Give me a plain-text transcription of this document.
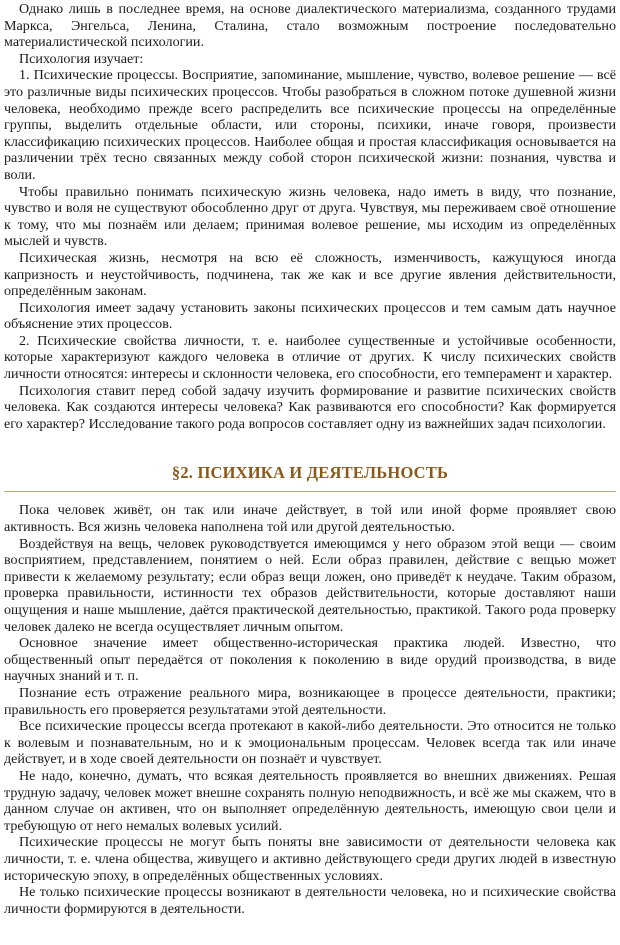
Однако лишь в последнее время, на основе диалектического материализма, созданного трудами Маркса, Энгельса, Ленина, Сталина, стало возможным построение последовательно материалистической психологии.

Психология изучает:

1. Психические процессы. Восприятие, запоминание, мышление, чувство, волевое решение — всё это различные виды психических процессов. Чтобы разобраться в сложном потоке душевной жизни человека, необходимо прежде всего распределить все психические процессы на определённые группы, выделить отдельные области, или стороны, психики, иначе говоря, произвести классификацию психических процессов. Наиболее общая и простая классификация основывается на различении трёх тесно связанных между собой сторон психической жизни: познания, чувства и воли.

Чтобы правильно понимать психическую жизнь человека, надо иметь в виду, что познание, чувство и воля не существуют обособленно друг от друга. Чувствуя, мы переживаем своё отношение к тому, что мы познаём или делаем; принимая волевое решение, мы исходим из определённых мыслей и чувств.

Психическая жизнь, несмотря на всю её сложность, изменчивость, кажущуюся иногда капризность и неустойчивость, подчинена, так же как и все другие явления действительности, определённым законам.

Психология имеет задачу установить законы психических процессов и тем самым дать научное объяснение этих процессов.

2. Психические свойства личности, т. е. наиболее существенные и устойчивые особенности, которые характеризуют каждого человека в отличие от других. К числу психических свойств личности относятся: интересы и склонности человека, его способности, его темперамент и характер.

Психология ставит перед собой задачу изучить формирование и развитие психических свойств человека. Как создаются интересы человека? Как развиваются его способности? Как формируется его характер? Исследование такого рода вопросов составляет одну из важнейших задач психологии.

§2. ПСИХИКА И ДЕЯТЕЛЬНОСТЬ

Пока человек живёт, он так или иначе действует, в той или иной форме проявляет свою активность. Вся жизнь человека наполнена той или другой деятельностью.

Воздействуя на вещь, человек руководствуется имеющимся у него образом этой вещи — своим восприятием, представлением, понятием о ней. Если образ правилен, действие с вещью может привести к желаемому результату; если образ вещи ложен, оно приведёт к неудаче. Таким образом, проверка правильности, истинности тех образов действительности, которые доставляют наши ощущения и наше мышление, даётся практической деятельностью, практикой. Такого рода проверку человек далеко не всегда осуществляет личным опытом.

Основное значение имеет общественно-историческая практика людей. Известно, что общественный опыт передаётся от поколения к поколению в виде орудий производства, в виде научных знаний и т. п.

Познание есть отражение реального мира, возникающее в процессе деятельности, практики; правильность его проверяется результатами этой деятельности.

Все психические процессы всегда протекают в какой-либо деятельности. Это относится не только к волевым и познавательным, но и к эмоциональным процессам. Человек всегда так или иначе действует, и в ходе своей деятельности он познаёт и чувствует.

Не надо, конечно, думать, что всякая деятельность проявляется во внешних движениях. Решая трудную задачу, человек может внешне сохранять полную неподвижность, и всё же мы скажем, что в данном случае он активен, что он выполняет определённую деятельность, имеющую свои цели и требующую от него немалых волевых усилий.

Психические процессы не могут быть поняты вне зависимости от деятельности человека как личности, т. е. члена общества, живущего и активно действующего среди других людей в известную историческую эпоху, в определённых общественных условиях.

Не только психические процессы возникают в деятельности человека, но и психические свойства личности формируются в деятельности.
